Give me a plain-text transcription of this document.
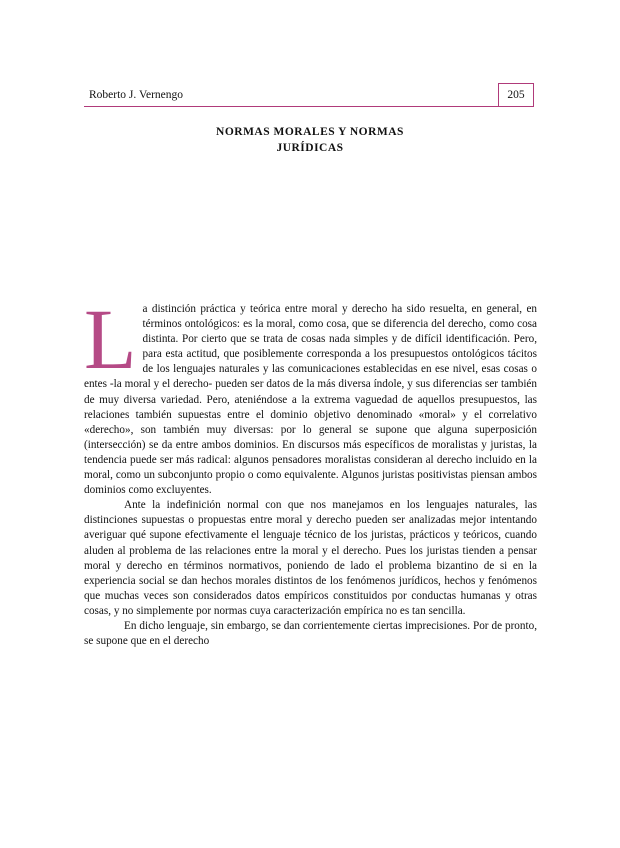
Roberto J. Vernengo	205
NORMAS MORALES Y NORMAS
JURÍDICAS

La distinción práctica y teórica entre moral y derecho ha sido resuelta, en general, en términos ontológicos: es la moral, como cosa, que se diferencia del derecho, como cosa distinta. Por cierto que se trata de cosas nada simples y de difícil identificación. Pero, para esta actitud, que posiblemente corresponda a los presupuestos ontológicos tácitos de los lenguajes naturales y las comunicaciones establecidas en ese nivel, esas cosas o entes -la moral y el derecho- pueden ser datos de la más diversa índole, y sus diferencias ser también de muy diversa variedad. Pero, ateniéndose a la extrema vaguedad de aquellos presupuestos, las relaciones también supuestas entre el dominio objetivo denominado «moral» y el correlativo «derecho», son también muy diversas: por lo general se supone que alguna superposición (intersección) se da entre ambos dominios. En discursos más específicos de moralistas y juristas, la tendencia puede ser más radical: algunos pensadores moralistas consideran al derecho incluido en la moral, como un subconjunto propio o como equivalente. Algunos juristas positivistas piensan ambos dominios como excluyentes.

Ante la indefinición normal con que nos manejamos en los lenguajes naturales, las distinciones supuestas o propuestas entre moral y derecho pueden ser analizadas mejor intentando averiguar qué supone efectivamente el lenguaje técnico de los juristas, prácticos y teóricos, cuando aluden al problema de las relaciones entre la moral y el derecho. Pues los juristas tienden a pensar moral y derecho en términos normativos, poniendo de lado el problema bizantino de si en la experiencia social se dan hechos morales distintos de los fenómenos jurídicos, hechos y fenómenos que muchas veces son considerados datos empíricos constituidos por conductas humanas y otras cosas, y no simplemente por normas cuya caracterización empírica no es tan sencilla.

En dicho lenguaje, sin embargo, se dan corrientemente ciertas imprecisiones. Por de pronto, se supone que en el derecho
